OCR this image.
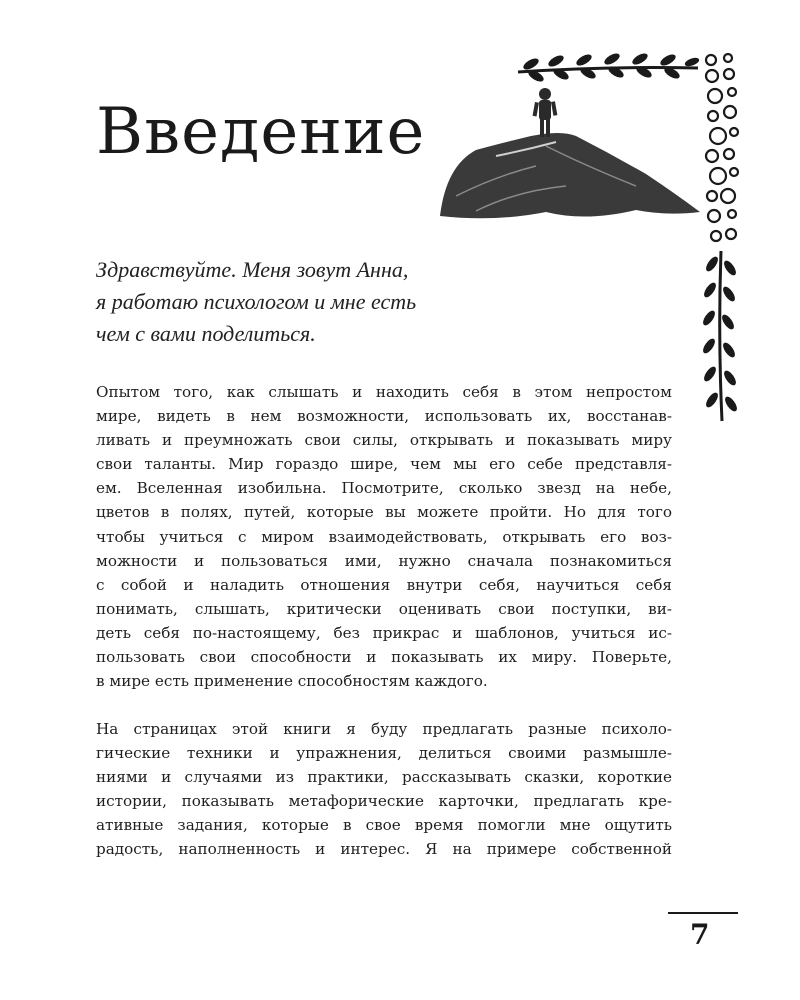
Введение
Здравствуйте. Меня зовут Анна,
я работаю психологом и мне есть
чем с вами поделиться.
Опытом того, как слышать и находить себя в этом непростом
мире, видеть в нем возможности, использовать их, восстанав-
ливать и преумножать свои силы, открывать и показывать миру
свои таланты. Мир гораздо шире, чем мы его себе представля-
ем. Вселенная изобильна. Посмотрите, сколько звезд на небе,
цветов в полях, путей, которые вы можете пройти. Но для того
чтобы учиться с миром взаимодействовать, открывать его воз-
можности и пользоваться ими, нужно сначала познакомиться
с собой и наладить отношения внутри себя, научиться себя
понимать, слышать, критически оценивать свои поступки, ви-
деть себя по-настоящему, без прикрас и шаблонов, учиться ис-
пользовать свои способности и показывать их миру. Поверьте,
в мире есть применение способностям каждого.
На страницах этой книги я буду предлагать разные психоло-
гические техники и упражнения, делиться своими размышле-
ниями и случаями из практики, рассказывать сказки, короткие
истории, показывать метафорические карточки, предлагать кре-
ативные задания, которые в свое время помогли мне ощутить
радость, наполненность и интерес. Я на примере собственной
7
